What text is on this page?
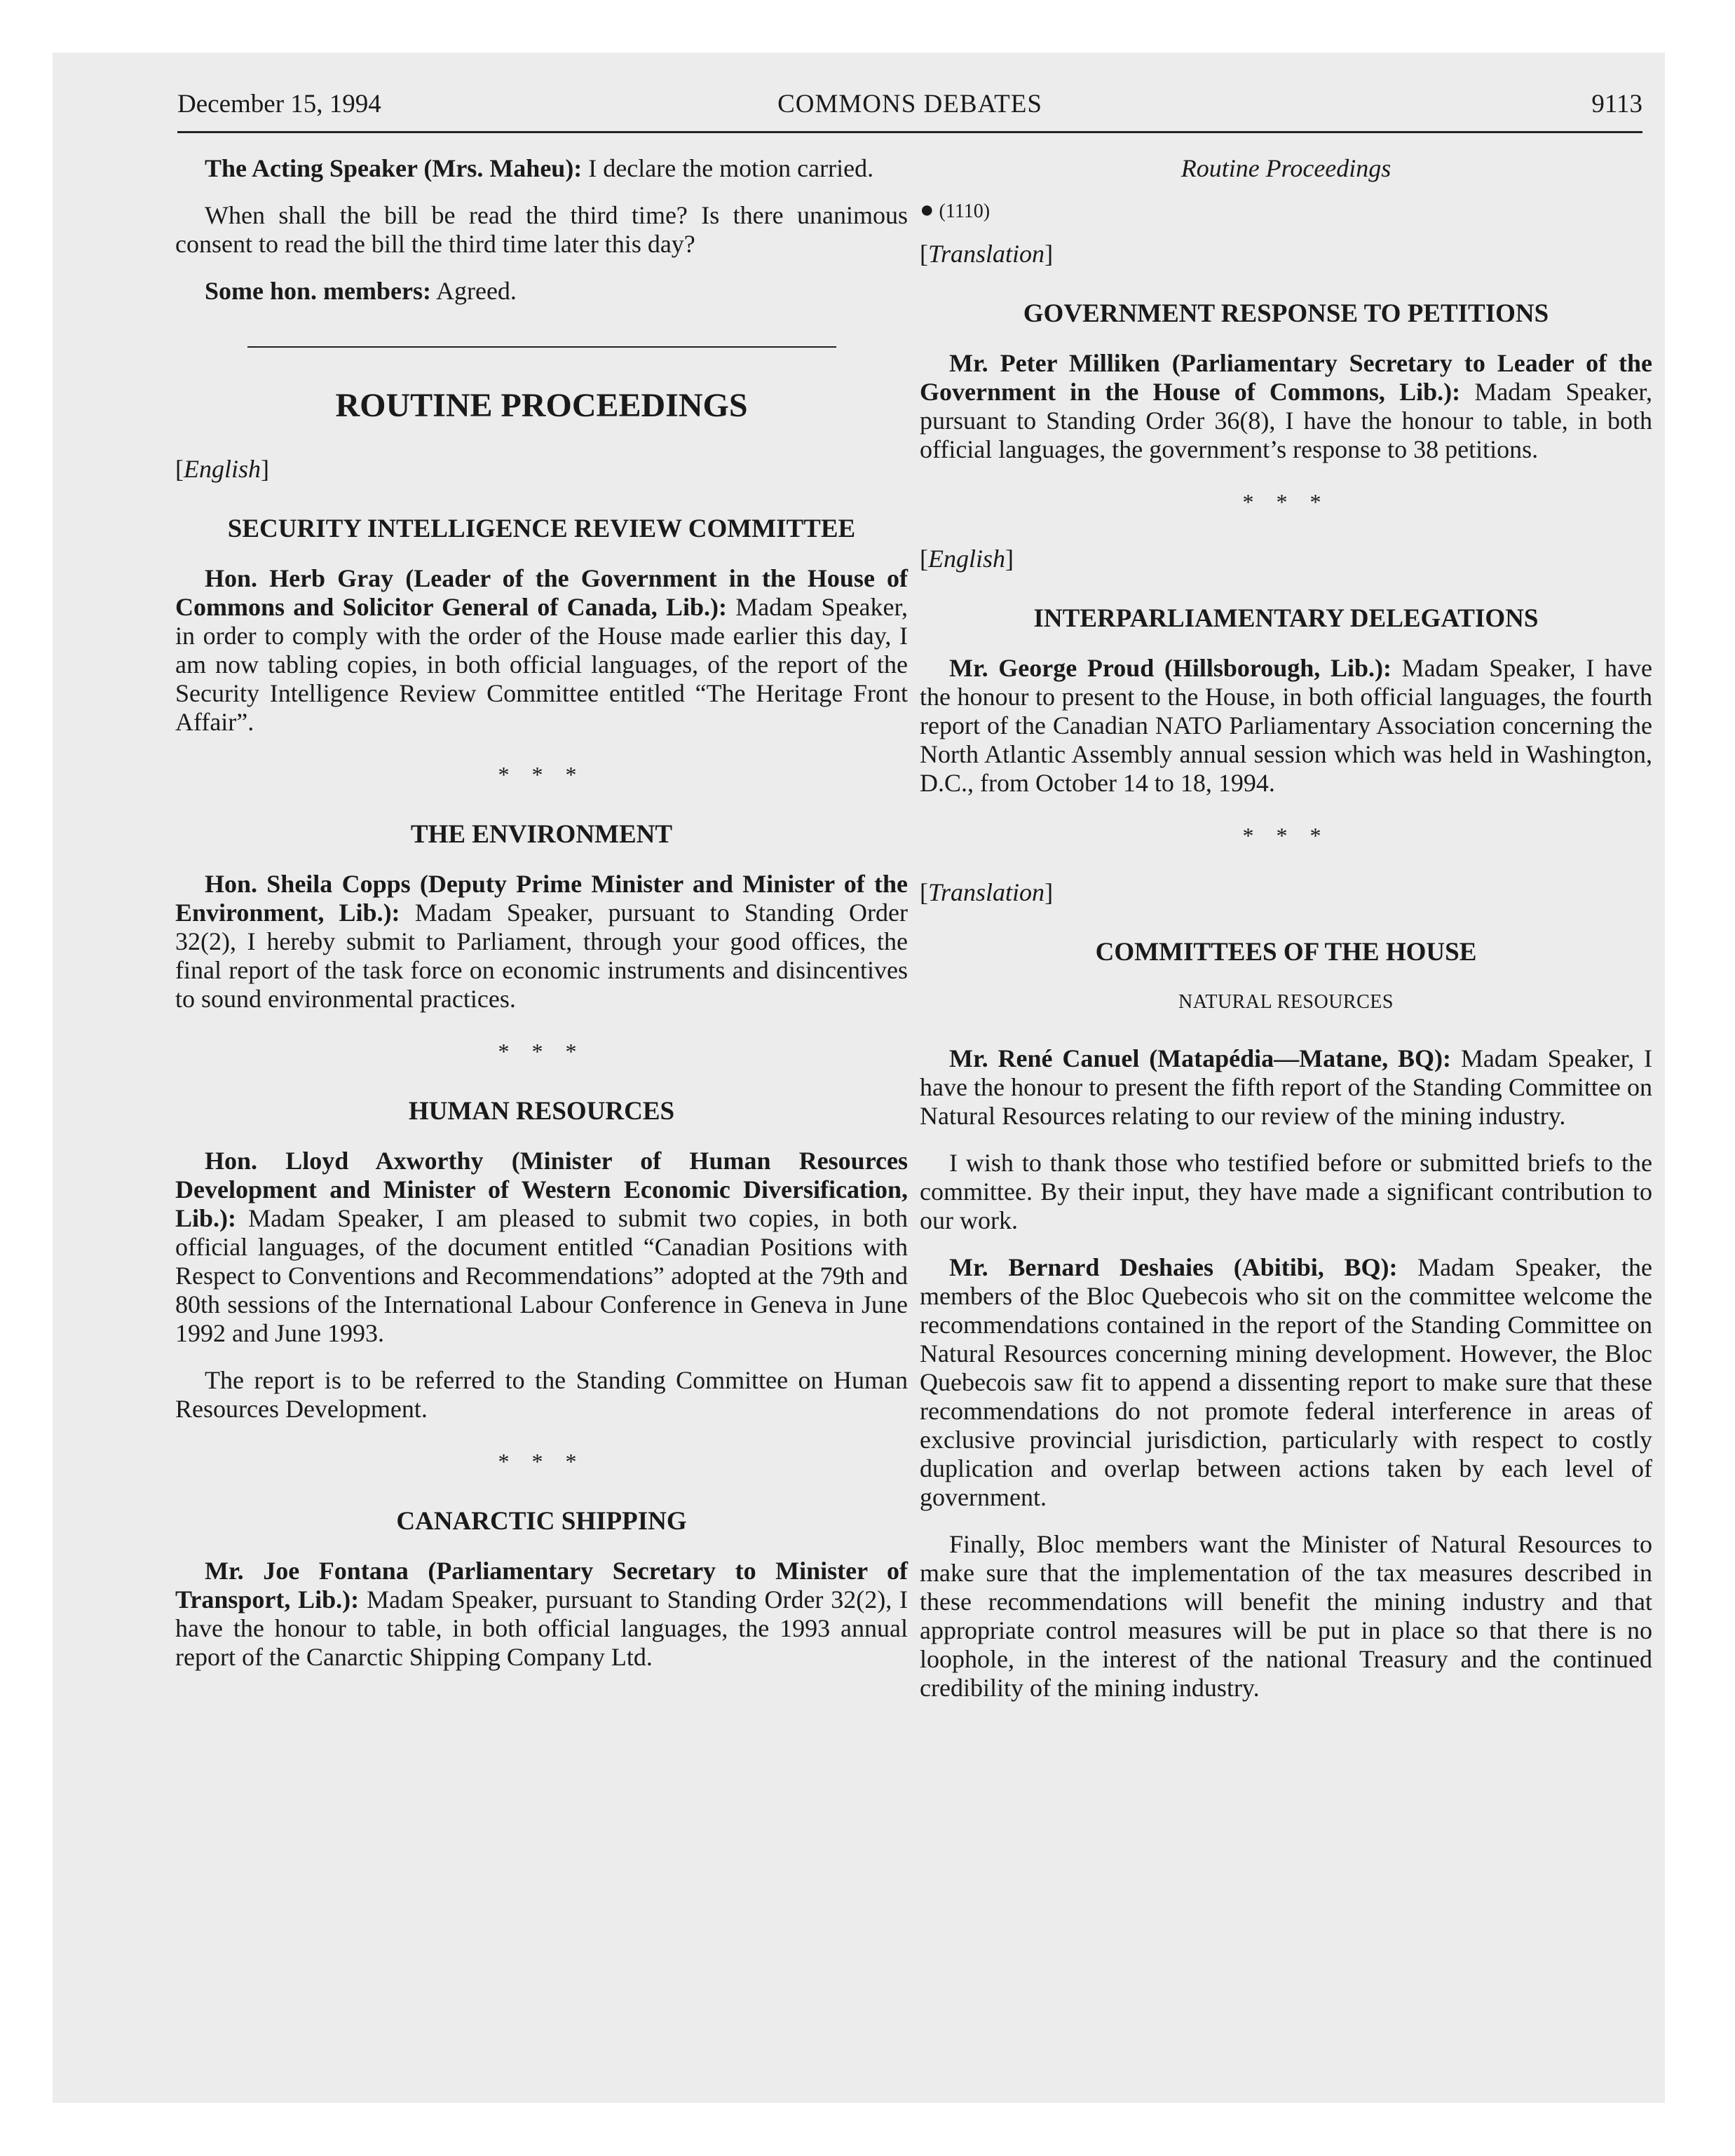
December 15, 1994	COMMONS DEBATES	9113

The Acting Speaker (Mrs. Maheu): I declare the motion carried.

When shall the bill be read the third time? Is there unanimous consent to read the bill the third time later this day?

Some hon. members: Agreed.

ROUTINE PROCEEDINGS
[English]
SECURITY INTELLIGENCE REVIEW COMMITTEE

Hon. Herb Gray (Leader of the Government in the House of Commons and Solicitor General of Canada, Lib.): Madam Speaker, in order to comply with the order of the House made earlier this day, I am now tabling copies, in both official languages, of the report of the Security Intelligence Review Committee entitled “The Heritage Front Affair”.

* * *
THE ENVIRONMENT

Hon. Sheila Copps (Deputy Prime Minister and Minister of the Environment, Lib.): Madam Speaker, pursuant to Standing Order 32(2), I hereby submit to Parliament, through your good offices, the final report of the task force on economic instruments and disincentives to sound environmental practices.

* * *
HUMAN RESOURCES

Hon. Lloyd Axworthy (Minister of Human Resources Development and Minister of Western Economic Diversification, Lib.): Madam Speaker, I am pleased to submit two copies, in both official languages, of the document entitled “Canadian Positions with Respect to Conventions and Recommendations” adopted at the 79th and 80th sessions of the International Labour Conference in Geneva in June 1992 and June 1993.

The report is to be referred to the Standing Committee on Human Resources Development.

* * *
CANARCTIC SHIPPING

Mr. Joe Fontana (Parliamentary Secretary to Minister of Transport, Lib.): Madam Speaker, pursuant to Standing Order 32(2), I have the honour to table, in both official languages, the 1993 annual report of the Canarctic Shipping Company Ltd.

Routine Proceedings
● (1110)
[Translation]
GOVERNMENT RESPONSE TO PETITIONS

Mr. Peter Milliken (Parliamentary Secretary to Leader of the Government in the House of Commons, Lib.): Madam Speaker, pursuant to Standing Order 36(8), I have the honour to table, in both official languages, the government’s response to 38 petitions.

* * *
[English]
INTERPARLIAMENTARY DELEGATIONS

Mr. George Proud (Hillsborough, Lib.): Madam Speaker, I have the honour to present to the House, in both official languages, the fourth report of the Canadian NATO Parliamentary Association concerning the North Atlantic Assembly annual session which was held in Washington, D.C., from October 14 to 18, 1994.

* * *
[Translation]
COMMITTEES OF THE HOUSE
NATURAL RESOURCES

Mr. René Canuel (Matapédia—Matane, BQ): Madam Speaker, I have the honour to present the fifth report of the Standing Committee on Natural Resources relating to our review of the mining industry.

I wish to thank those who testified before or submitted briefs to the committee. By their input, they have made a significant contribution to our work.

Mr. Bernard Deshaies (Abitibi, BQ): Madam Speaker, the members of the Bloc Quebecois who sit on the committee welcome the recommendations contained in the report of the Standing Committee on Natural Resources concerning mining development. However, the Bloc Quebecois saw fit to append a dissenting report to make sure that these recommendations do not promote federal interference in areas of exclusive provincial jurisdiction, particularly with respect to costly duplication and overlap between actions taken by each level of government.

Finally, Bloc members want the Minister of Natural Resources to make sure that the implementation of the tax measures described in these recommendations will benefit the mining industry and that appropriate control measures will be put in place so that there is no loophole, in the interest of the national Treasury and the continued credibility of the mining industry.
